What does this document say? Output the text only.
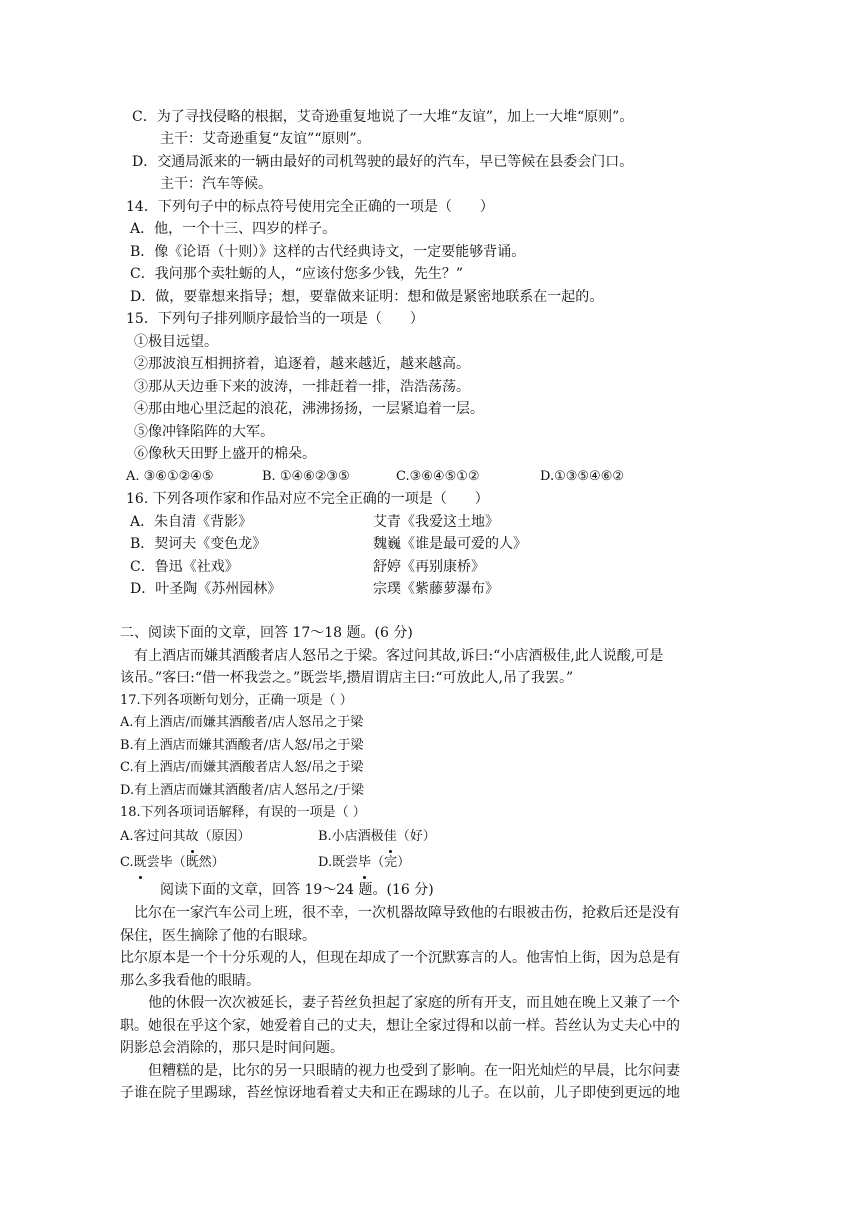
C．为了寻找侵略的根据，艾奇逊重复地说了一大堆“友谊”，加上一大堆“原则”。
主干：艾奇逊重复“友谊”“原则”。
D．交通局派来的一辆由最好的司机驾驶的最好的汽车，早已等候在县委会门口。
主干：汽车等候。
14．下列句子中的标点符号使用完全正确的一项是（　　）
A．他，一个十三、四岁的样子。
B．像《论语（十则）》这样的古代经典诗文，一定要能够背诵。
C．我问那个卖牡蛎的人，“应该付您多少钱，先生？”
D．做，要靠想来指导；想，要靠做来证明：想和做是紧密地联系在一起的。
15．下列句子排列顺序最恰当的一项是（　　）
①极目远望。
②那波浪互相拥挤着，追逐着，越来越近，越来越高。
③那从天边垂下来的波涛，一排赶着一排，浩浩荡荡。
④那由地心里泛起的浪花，沸沸扬扬，一层紧追着一层。
⑤像冲锋陷阵的大军。
⑥像秋天田野上盛开的棉朵。
A. ③⑥①②④⑤	B. ①④⑥②③⑤	C.③⑥④⑤①②	D.①③⑤④⑥②
16. 下列各项作家和作品对应不完全正确的一项是（　　）
A．朱自清《背影》	艾青《我爱这土地》
B．契诃夫《变色龙》	魏巍《谁是最可爱的人》
C．鲁迅《社戏》	舒婷《再别康桥》
D．叶圣陶《苏州园林》	宗璞《紫藤萝瀑布》
二、阅读下面的文章，回答 17～18 题。(6 分)
有上酒店而嫌其酒酸者店人怒吊之于梁。客过问其故,诉曰:“小店酒极佳,此人说酸,可是
该吊。”客曰:“借一杯我尝之。”既尝毕,攒眉谓店主曰:“可放此人,吊了我罢。”
17.下列各项断句划分，正确一项是（ ）
A.有上酒店/而嫌其酒酸者/店人怒吊之于梁
B.有上酒店而嫌其酒酸者/店人怒/吊之于梁
C.有上酒店/而嫌其酒酸者店人怒/吊之于梁
D.有上酒店而嫌其酒酸者/店人怒吊之/于梁
18.下列各项词语解释，有误的一项是（ ）
A.客过问其故（原因）	B.小店酒极佳（好）
C.既尝毕（既然）	D.既尝毕（完）
阅读下面的文章，回答 19～24 题。(16 分)
比尔在一家汽车公司上班，很不幸，一次机器故障导致他的右眼被击伤，抢救后还是没有
保住，医生摘除了他的右眼球。
比尔原本是一个十分乐观的人，但现在却成了一个沉默寡言的人。他害怕上街，因为总是有
那么多我看他的眼睛。
他的休假一次次被延长，妻子苔丝负担起了家庭的所有开支，而且她在晚上又兼了一个
职。她很在乎这个家，她爱着自己的丈夫，想让全家过得和以前一样。苔丝认为丈夫心中的
阴影总会消除的，那只是时间问题。
但糟糕的是，比尔的另一只眼睛的视力也受到了影响。在一阳光灿烂的早晨，比尔问妻
子谁在院子里踢球，苔丝惊讶地看着丈夫和正在踢球的儿子。在以前，儿子即使到更远的地
